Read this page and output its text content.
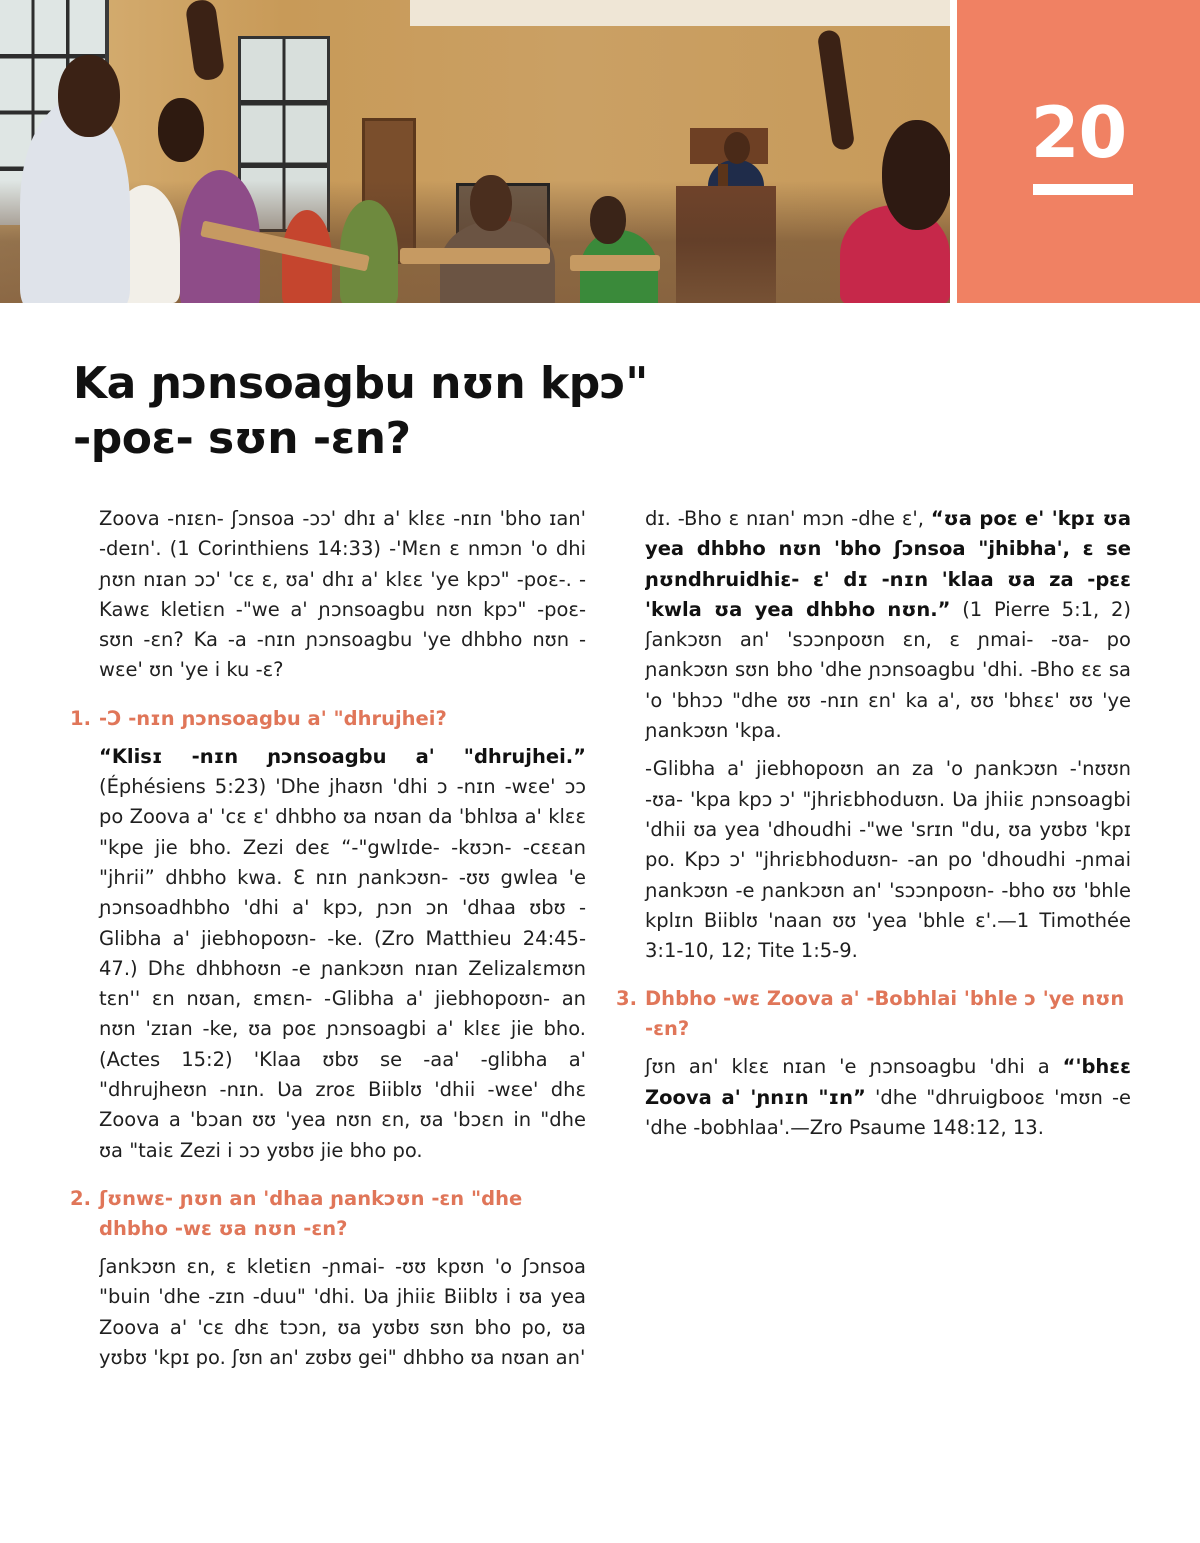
20
Ka ɲɔnsoagbu nʊn kpɔ"
-poɛ- sʊn -ɛn?

Zoova -nɪɛn- ʃɔnsoa -ɔɔ' dhɪ a' klɛɛ -nɪn 'bho ɪan' -deɪn'. (1 Corinthiens 14:33) -'Mɛn ɛ nmɔn 'o dhi ɲʊn nɪan ɔɔ' 'cɛ ɛ, ʊa' dhɪ a' klɛɛ 'ye kpɔ" -poɛ-. -Kawɛ kletiɛn -"we a' ɲɔnsoagbu nʊn kpɔ" -poɛ- sʊn -ɛn? Ka -a -nɪn ɲɔnsoagbu 'ye dhbho nʊn -wɛe' ʊn 'ye i ku -ɛ?

1. -Ɔ -nɪn ɲɔnsoagbu a' "dhrujhei?

“Klisɪ -nɪn ɲɔnsoagbu a' "dhrujhei.” (Éphésiens 5:23) 'Dhe jhaʊn 'dhi ɔ -nɪn -wɛe' ɔɔ po Zoova a' 'cɛ ɛ' dhbho ʊa nʊan da 'bhlʊa a' klɛɛ "kpe jie bho. Zezi deɛ “-"gwlɪde- -kʊɔn- -cɛɛan "jhrii” dhbho kwa. Ɛ nɪn ɲankɔʊn- -ʊʊ gwlea 'e ɲɔnsoadhbho 'dhi a' kpɔ, ɲɔn ɔn 'dhaa ʊbʊ -Glibha a' jiebhopoʊn- -ke. (Zro Matthieu 24:45-47.) Dhɛ dhbhoʊn -e ɲankɔʊn nɪan Zelizalɛmʊn tɛn'' ɛn nʊan, ɛmɛn- -Glibha a' jiebhopoʊn- an nʊn 'zɪan -ke, ʊa poɛ ɲɔnsoagbi a' klɛɛ jie bho. (Actes 15:2) 'Klaa ʊbʊ se -aa' -glibha a' "dhrujheʊn -nɪn. Ʋa zroɛ Biiblʊ 'dhii -wɛe' dhɛ Zoova a 'bɔan ʊʊ 'yea nʊn ɛn, ʊa 'bɔɛn in "dhe ʊa "taiɛ Zezi i ɔɔ yʊbʊ jie bho po.

2. ʃʊnwɛ- ɲʊn an 'dhaa ɲankɔʊn -ɛn "dhe dhbho -wɛ ʊa nʊn -ɛn?

ʃankɔʊn ɛn, ɛ kletiɛn -ɲmai- -ʊʊ kpʊn 'o ʃɔnsoa "buin 'dhe -zɪn -duu" 'dhi. Ʋa jhiiɛ Biiblʊ i ʊa yea Zoova a' 'cɛ dhɛ tɔɔn, ʊa yʊbʊ sʊn bho po, ʊa yʊbʊ 'kpɪ po. ʃʊn an' zʊbʊ gei" dhbho ʊa nʊan an'

dɪ. -Bho ɛ nɪan' mɔn -dhe ɛ', “ʊa poɛ e' 'kpɪ ʊa yea dhbho nʊn 'bho ʃɔnsoa "jhibha', ɛ se ɲʊndhruidhiɛ- ɛ' dɪ -nɪn 'klaa ʊa za -pɛɛ 'kwla ʊa yea dhbho nʊn.” (1 Pierre 5:1, 2) ʃankɔʊn an' 'sɔɔnpoʊn ɛn, ɛ ɲmai- -ʊa- po ɲankɔʊn sʊn bho 'dhe ɲɔnsoagbu 'dhi. -Bho ɛɛ sa 'o 'bhɔɔ "dhe ʊʊ -nɪn ɛn' ka a', ʊʊ 'bhɛɛ' ʊʊ 'ye ɲankɔʊn 'kpa.

-Glibha a' jiebhopoʊn an za 'o ɲankɔʊn -'nʊʊn -ʊa- 'kpa kpɔ ɔ' "jhriɛbhoduʊn. Ʋa jhiiɛ ɲɔnsoagbi 'dhii ʊa yea 'dhoudhi -"we 'srɪn "du, ʊa yʊbʊ 'kpɪ po. Kpɔ ɔ' "jhriɛbhoduʊn- -an po 'dhoudhi -ɲmai ɲankɔʊn -e ɲankɔʊn an' 'sɔɔnpoʊn- -bho ʊʊ 'bhle kplɪn Biiblʊ 'naan ʊʊ 'yea 'bhle ɛ'.—1 Timothée 3:1-10, 12; Tite 1:5-9.

3. Dhbho -wɛ Zoova a' -Bobhlai 'bhle ɔ 'ye nʊn -ɛn?

ʃʊn an' klɛɛ nɪan 'e ɲɔnsoagbu 'dhi a “'bhɛɛ Zoova a' 'ɲnɪn "ɪn” 'dhe "dhruigbooɛ 'mʊn -e 'dhe -bobhlaa'.—Zro Psaume 148:12, 13.
